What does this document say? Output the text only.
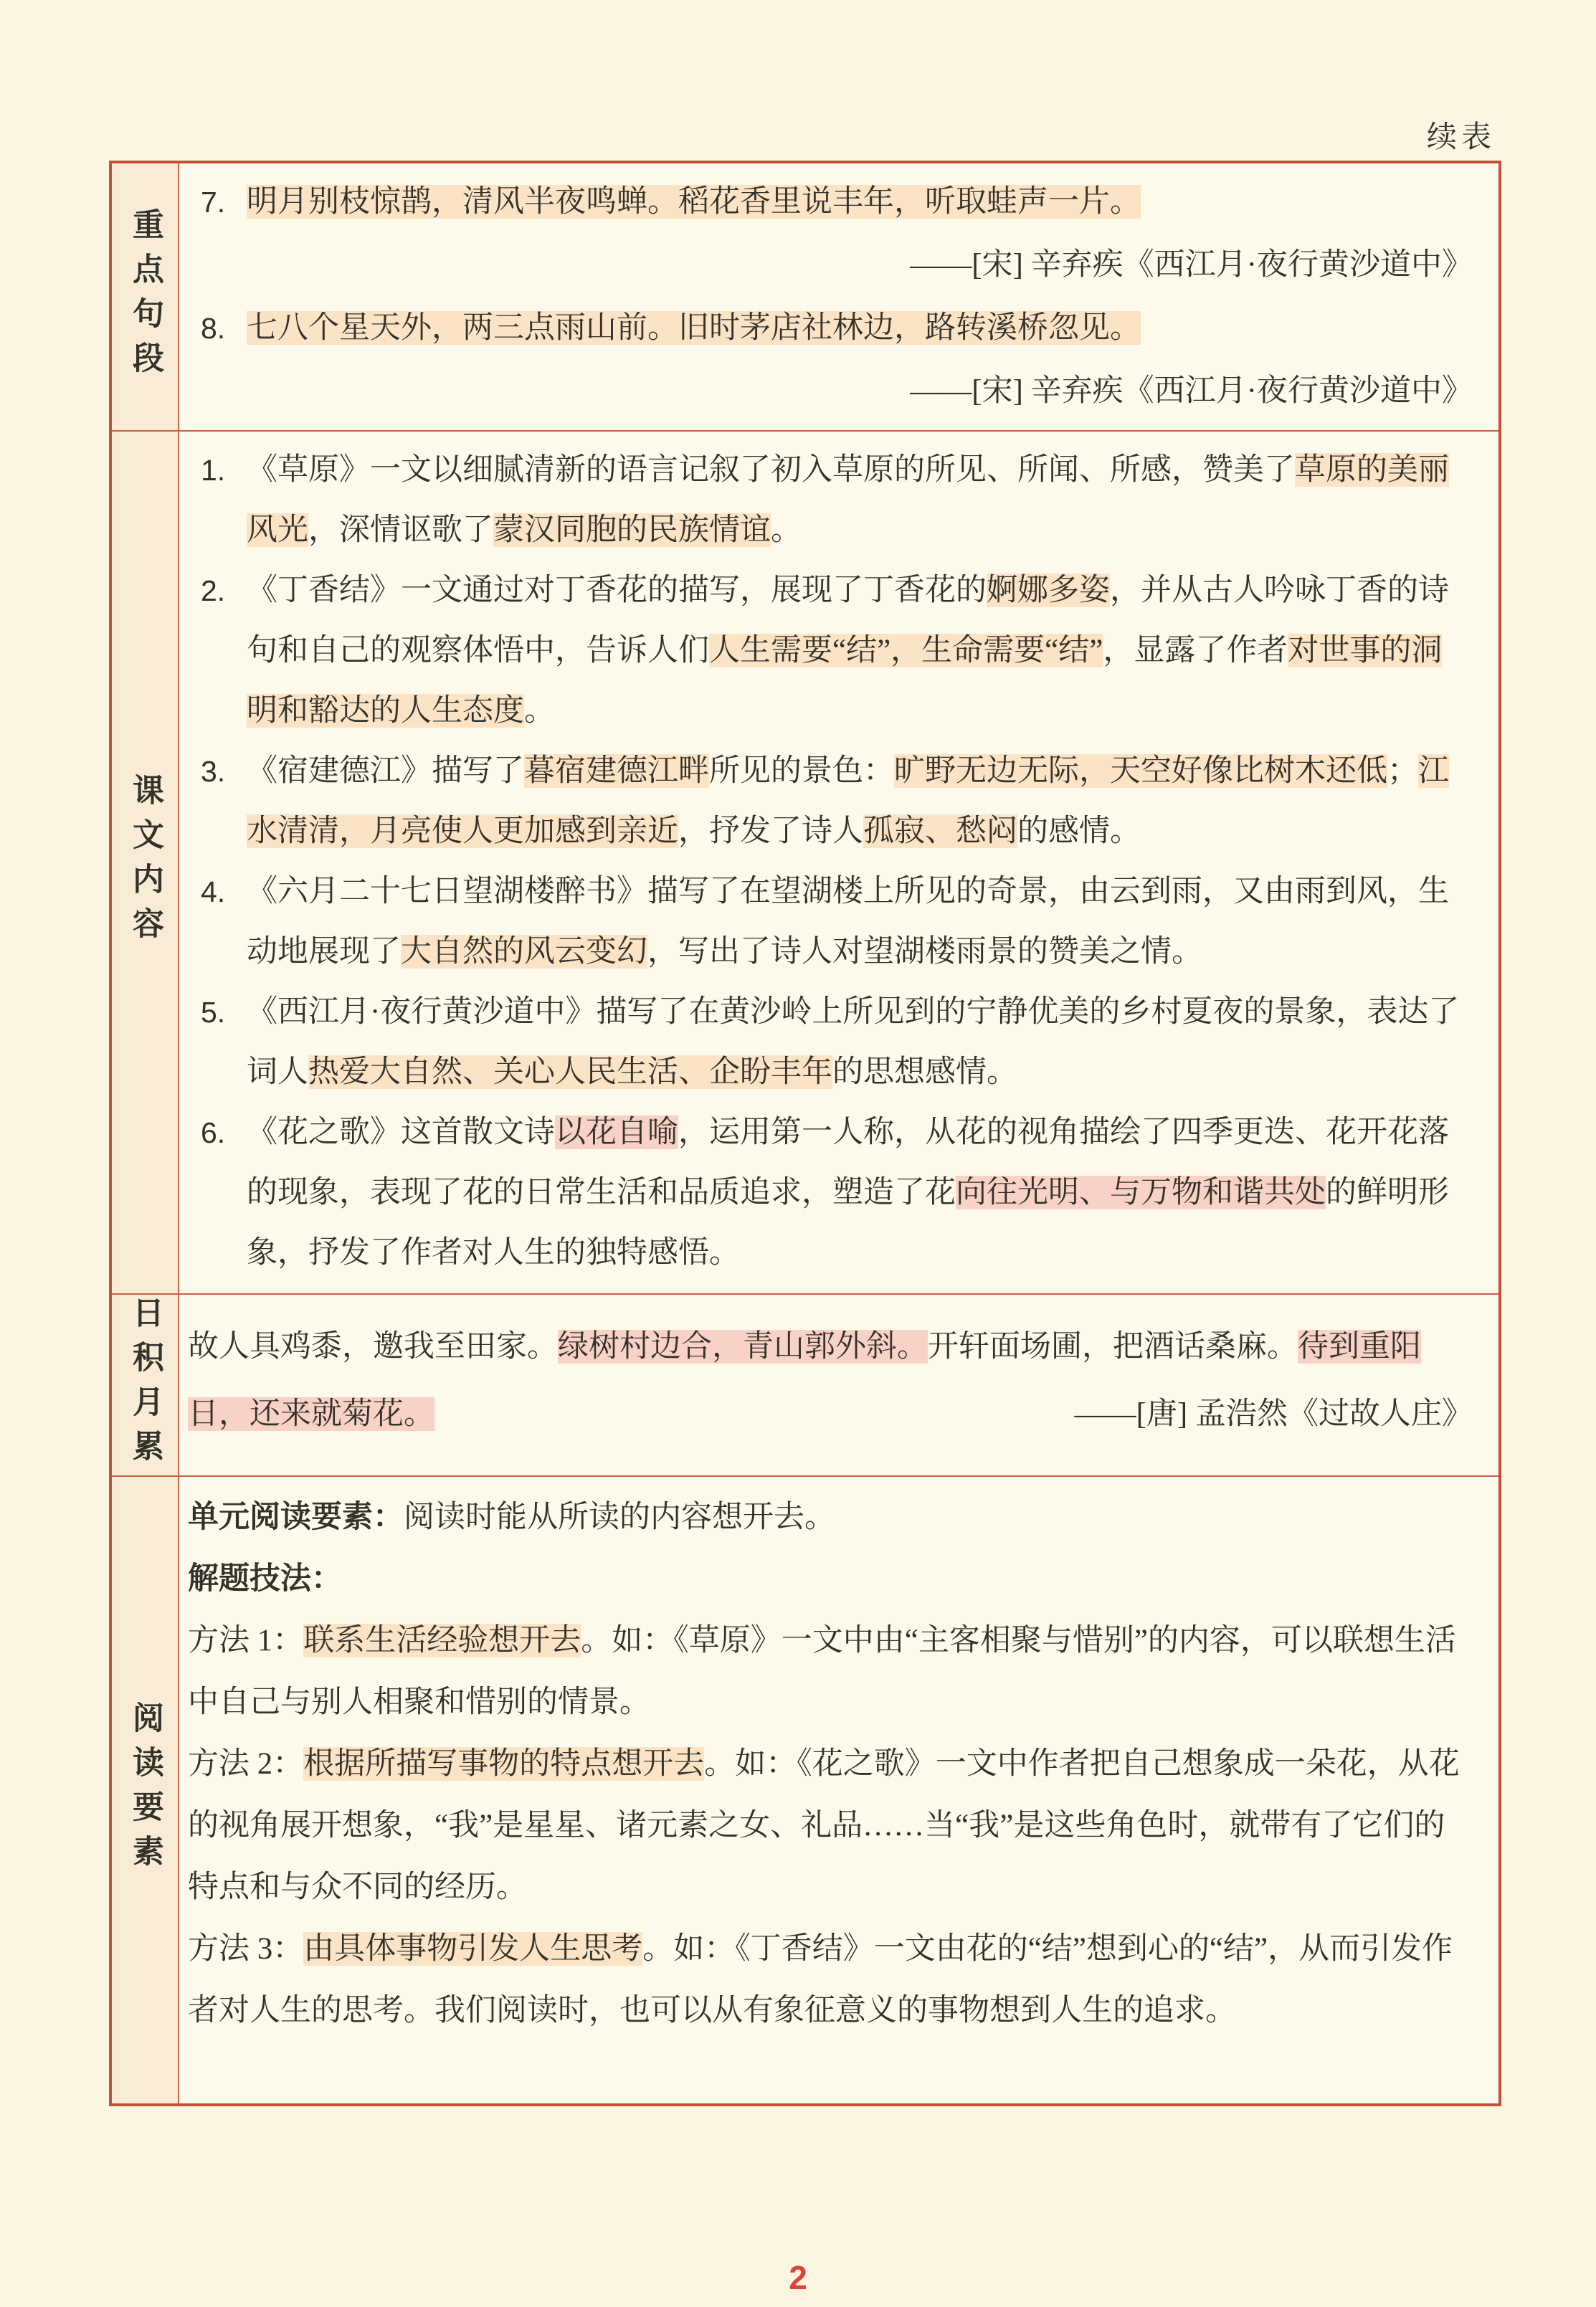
续表
重点句段
7. 明月别枝惊鹊，清风半夜鸣蝉。稻花香里说丰年，听取蛙声一片。
——[宋] 辛弃疾《西江月·夜行黄沙道中》
8. 七八个星天外，两三点雨山前。旧时茅店社林边，路转溪桥忽见。
——[宋] 辛弃疾《西江月·夜行黄沙道中》
课文内容
1. 《草原》一文以细腻清新的语言记叙了初入草原的所见、所闻、所感，赞美了草原的美丽风光，深情讴歌了蒙汉同胞的民族情谊。
2. 《丁香结》一文通过对丁香花的描写，展现了丁香花的婀娜多姿，并从古人吟咏丁香的诗句和自己的观察体悟中，告诉人们人生需要“结”，生命需要“结”，显露了作者对世事的洞明和豁达的人生态度。
3. 《宿建德江》描写了暮宿建德江畔所见的景色：旷野无边无际，天空好像比树木还低；江水清清，月亮使人更加感到亲近，抒发了诗人孤寂、愁闷的感情。
4. 《六月二十七日望湖楼醉书》描写了在望湖楼上所见的奇景，由云到雨，又由雨到风，生动地展现了大自然的风云变幻，写出了诗人对望湖楼雨景的赞美之情。
5. 《西江月·夜行黄沙道中》描写了在黄沙岭上所见到的宁静优美的乡村夏夜的景象，表达了词人热爱大自然、关心人民生活、企盼丰年的思想感情。
6. 《花之歌》这首散文诗以花自喻，运用第一人称，从花的视角描绘了四季更迭、花开花落的现象，表现了花的日常生活和品质追求，塑造了花向往光明、与万物和谐共处的鲜明形象，抒发了作者对人生的独特感悟。
日积月累 故人具鸡黍，邀我至田家。绿树村边合，青山郭外斜。开轩面场圃，把酒话桑麻。待到重阳日，还来就菊花。	——[唐] 孟浩然《过故人庄》

阅读要素

单元阅读要素：阅读时能从所读的内容想开去。

解题技法：

方法 1：联系生活经验想开去。如：《草原》一文中由“主客相聚与惜别”的内容，可以联想生活中自己与别人相聚和惜别的情景。

方法 2：根据所描写事物的特点想开去。如：《花之歌》一文中作者把自己想象成一朵花，从花的视角展开想象，“我”是星星、诸元素之女、礼品……当“我”是这些角色时，就带有了它们的特点和与众不同的经历。

方法 3：由具体事物引发人生思考。如：《丁香结》一文由花的“结”想到心的“结”，从而引发作者对人生的思考。我们阅读时，也可以从有象征意义的事物想到人生的追求。

2
